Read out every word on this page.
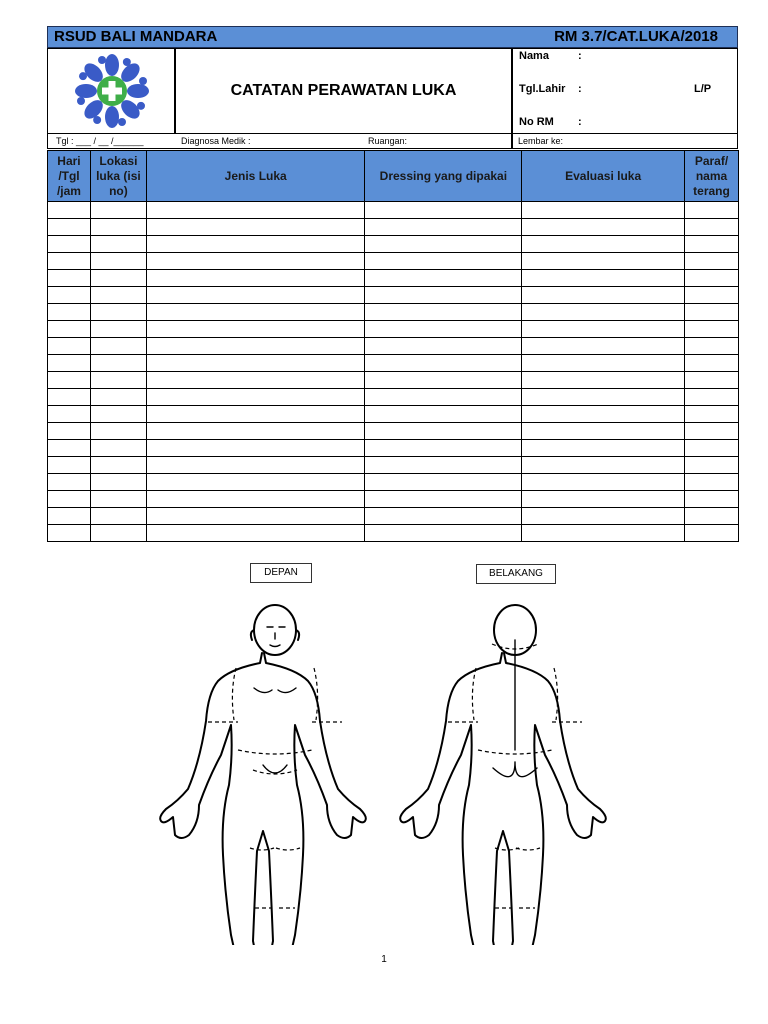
RSUD BALI MANDARA	RM 3.7/CAT.LUKA/2018
CATATAN PERAWATAN LUKA
Nama	:
Tgl.Lahir :	L/P
No RM :
Tgl : ___ / __ /______	Diagnosa Medik :	Ruangan:	Lembar ke:
Hari /Tgl /jam	Lokasi luka (isi no)	Jenis Luka	Dressing yang dipakai	Evaluasi luka	Paraf/ nama terang

DEPAN	BELAKANG
1
